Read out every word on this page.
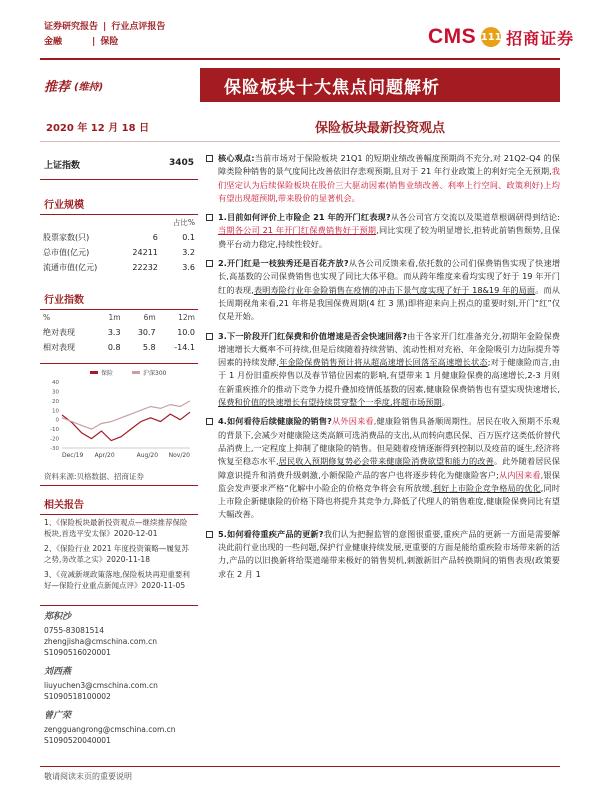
证券研究报告 | 行业点评报告
金融	| 保险	CMS 111 招商证券
推荐 (维持)	保险板块十大焦点问题解析
2020 年 12 月 18 日	保险板块最新投资观点
上证指数	3405
行业规模
		占比%
股票家数(只)	6	0.1
总市值(亿元)	24211	3.2
流通市值(亿元)	22232	3.6
行业指数
%	1m	6m	12m
绝对表现	3.3	30.7	10.0
相对表现	0.8	5.8	-14.1
40
30
20
10
0
-10
-20
-30
Dec/19 Apr/20	Aug/20 Nov/20
保险	沪深300
资料来源:贝格数据、招商证券
相关报告
1、《保险板块最新投资观点—继续推荐保险板块,首选平安太保》2020-12-01
2、《保险行业 2021 年度投资策略—履复苏之势,务改革之实》2020-11-18
3、《竞减新规政策落地,保险板块再迎重要利好—保险行业重点新闻点评》2020-11-05
郑积沙
0755-83081514
zhengjisha@cmschina.com.cn
S1090516020001
刘西燕
liuyuchen3@cmschina.com.cn
S1090518100002
曾广荣
zengguangrong@cmschina.com.cn
S1090520040001
核心观点:当前市场对于保险板块 21Q1 的短期业绩改善幅度预期尚不充分,对 21Q2-Q4 的保障类险种销售的景气度间比改善依旧存悲观预期,且对于 21 年行业政策上的利好完全无预期,我们坚定认为后续保险板块在股价三大驱动因素(销售业绩改善、利率上行空间、政策利好)上均有望出现超预期,带来股价的显著机会。
1.目前如何评价上市险企 21 年的开门红表现?从各公司官方交流以及渠道草根调研得到结论:当期各公司 21 年开门红保费销售好于预期,同比实现了较为明显增长,拒转此前销售颓势,且保费平台动力稳定,持续性较好。
2.开门红是一枝独秀还是百花齐放?从各公司反馈来看,依托数的公司们保费销售实现了快速增长,高基数的公司保费销售也实现了同比大体平稳。而从跨年维度来看均实现了好于 19 年开门红的表现,表明寿险行业年金险销售在疫情的冲击下景气度实现了好于 18&19 年的局面。而从长周期视角来看,21 年将是我国保费周期(4 红 3 黑)即将迎来向上拐点的重要时刻,开门“红”仅仅是开始。
3.下一阶段开门红保费和价值增速是否会快速回落?由于各家开门红准备充分,初期年金险保费增速增长大概率不可持续,但是后续随着持续营销、流动性相对充裕、年金险吸引力边际提升等因素的持续发酵,年金险保费销售预计将从超高速增长回落至高速增长状态;对于健康险而言,由于 1 月份旧重疾停售以及春节错位因素的影响,有望带来 1 月健康险保费的高速增长,2-3 月则在新重疾推介的推动下竞争力提升叠加疫情低基数的因素,健康险保费销售也有望实现快速增长,保费和价值的快速增长有望持续贯穿整个一季度,将超市场预期。
4.如何看待后续健康险的销售?从外因来看,健康险销售具备顺周期性。居民在收入预期不乐观的背景下,会减少对健康险这类高额可选消费品的支出,从而转向惠民保、百万医疗这类低价替代品消费上,一定程度上抑制了健康险的销售。但是随着疫情逐渐得到控制以及疫苗的诞生,经济将恢复至稳态水平,居民收入预期修复势必会带来健康险消费欲望和能力的改善。此外随着居民保障意识提升和消费升级刺激,小额保险产品的客户也将逐步转化为健康险客户;从内因来看,银保监会发声要求严格“化解中小险企的价格竞争将会有所放缓,利好上市险企竞争格局的优化,同时上市险企新健康险的价格下降也将提升其竞争力,降低了代理人的销售难度,健康险保费同比有望大幅改善。
5.如何看待重疾产品的更新?我们认为把握监管的意图很重要,重疾产品的更新一方面是需要解决此前行业出现的一些问题,保护行业健康持续发展,更重要的方面是能给重疾险市场带来新的活力,产品的以旧换新将给渠道端带来极好的销售契机,刺激新旧产品转换期间的销售表现(政策要求在 2 月 1
敬请阅读末页的重要说明
